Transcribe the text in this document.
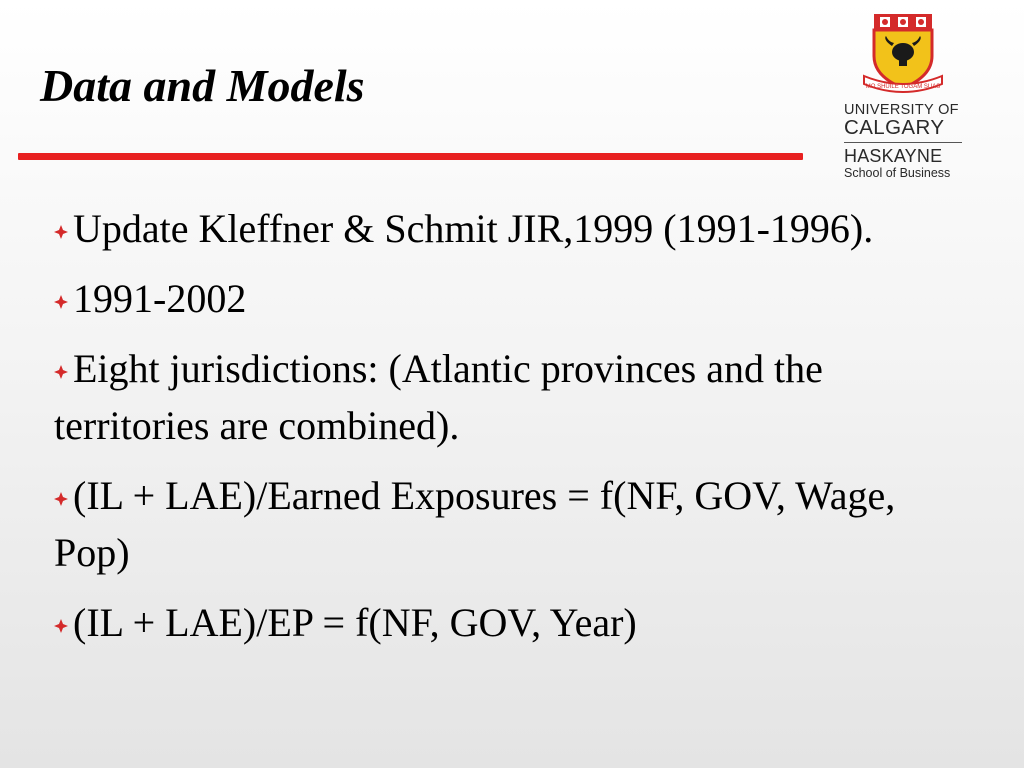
Data and Models	MO SHÙILE TOGAM SUAS
UNIVERSITY OF
CALGARY
HASKAYNE
School of Business
Update Kleffner & Schmit JIR,1999 (1991-1996).
1991-2002
Eight jurisdictions: (Atlantic provinces and the territories are combined).
(IL + LAE)/Earned Exposures = f(NF, GOV, Wage, Pop)
(IL + LAE)/EP = f(NF, GOV, Year)
